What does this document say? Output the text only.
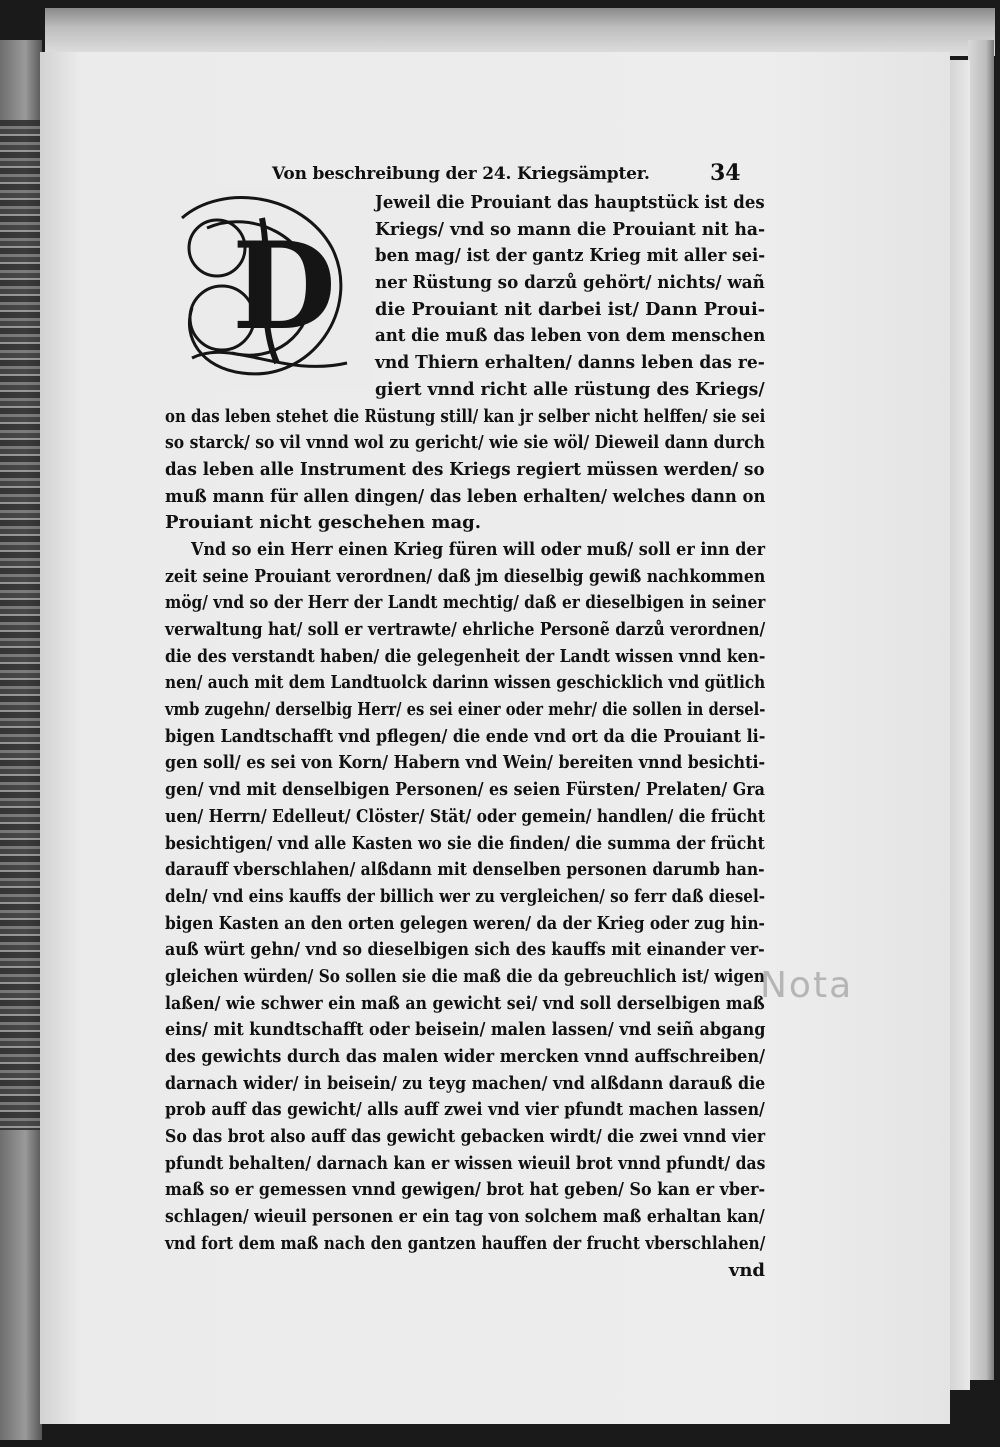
Von beschreibung der 24. Kriegsämpter.	34
D
Jeweil die Prouiant das hauptstück ist des
Kriegs/ vnd so mann die Prouiant nit ha-
ben mag/ ist der gantz Krieg mit aller sei-
ner Rüstung so darzů gehört/ nichts/ wañ
die Prouiant nit darbei ist/ Dann Proui-
ant die muß das leben von dem menschen
vnd Thiern erhalten/ danns leben das re-
giert vnnd richt alle rüstung des Kriegs/
on das leben stehet die Rüstung still/ kan jr selber nicht helffen/ sie sei
so starck/ so vil vnnd wol zu gericht/ wie sie wöl/ Dieweil dann durch
das leben alle Instrument des Kriegs regiert müssen werden/ so
muß mann für allen dingen/ das leben erhalten/ welches dann on
Prouiant nicht geschehen mag.
Vnd so ein Herr einen Krieg füren will oder muß/ soll er inn der
zeit seine Prouiant verordnen/ daß jm dieselbig gewiß nachkommen
mög/ vnd so der Herr der Landt mechtig/ daß er dieselbigen in seiner
verwaltung hat/ soll er vertrawte/ ehrliche Personẽ darzů verordnen/
die des verstandt haben/ die gelegenheit der Landt wissen vnnd ken-
nen/ auch mit dem Landtuolck darinn wissen geschicklich vnd gütlich
vmb zugehn/ derselbig Herr/ es sei einer oder mehr/ die sollen in dersel-
bigen Landtschafft vnd pflegen/ die ende vnd ort da die Prouiant li-
gen soll/ es sei von Korn/ Habern vnd Wein/ bereiten vnnd besichti-
gen/ vnd mit denselbigen Personen/ es seien Fürsten/ Prelaten/ Gra
uen/ Herrn/ Edelleut/ Clöster/ Stät/ oder gemein/ handlen/ die frücht
besichtigen/ vnd alle Kasten wo sie die finden/ die summa der frücht
darauff vberschlahen/ alßdann mit denselben personen darumb han-
deln/ vnd eins kauffs der billich wer zu vergleichen/ so ferr daß diesel-
bigen Kasten an den orten gelegen weren/ da der Krieg oder zug hin-
auß würt gehn/ vnd so dieselbigen sich des kauffs mit einander ver-
gleichen würden/ So sollen sie die maß die da gebreuchlich ist/ wigen
laßen/ wie schwer ein maß an gewicht sei/ vnd soll derselbigen maß
eins/ mit kundtschafft oder beisein/ malen lassen/ vnd seiñ abgang
des gewichts durch das malen wider mercken vnnd auffschreiben/
darnach wider/ in beisein/ zu teyg machen/ vnd alßdann darauß die
prob auff das gewicht/ alls auff zwei vnd vier pfundt machen lassen/
So das brot also auff das gewicht gebacken wirdt/ die zwei vnnd vier
pfundt behalten/ darnach kan er wissen wieuil brot vnnd pfundt/ das
maß so er gemessen vnnd gewigen/ brot hat geben/ So kan er vber-
schlagen/ wieuil personen er ein tag von solchem maß erhaltan kan/
vnd fort dem maß nach den gantzen hauffen der frucht vberschlahen/
vnd
Nota
